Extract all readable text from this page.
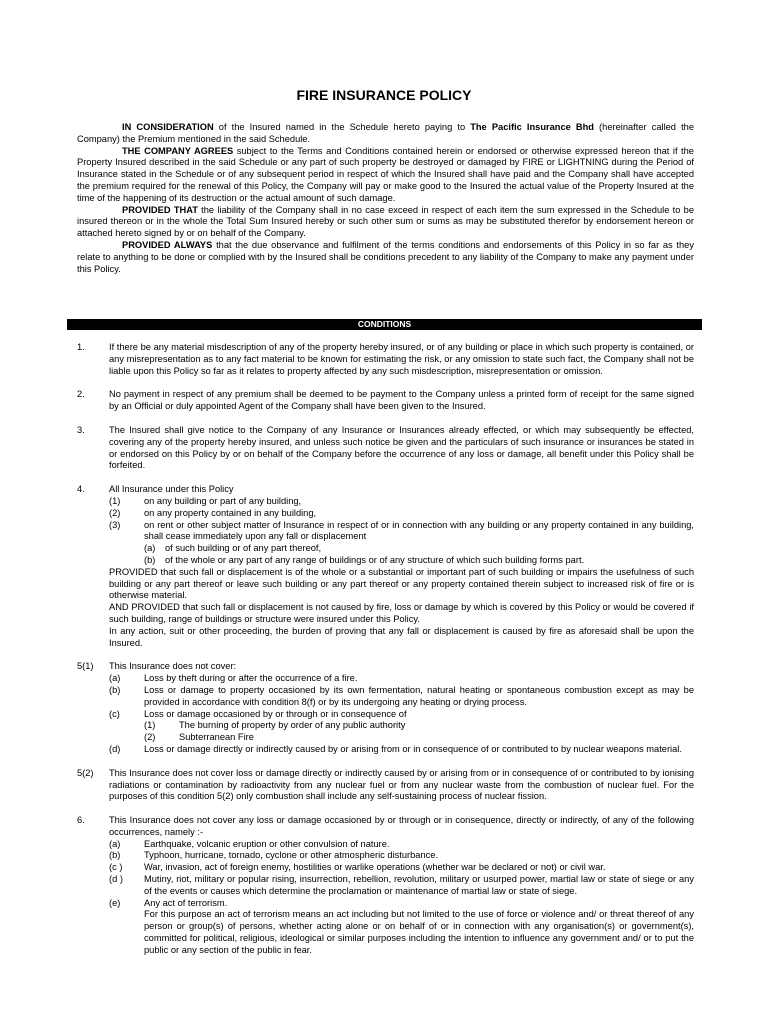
FIRE INSURANCE POLICY

IN CONSIDERATION of the Insured named in the Schedule hereto paying to The Pacific Insurance Bhd (hereinafter called the Company) the Premium mentioned in the said Schedule.

THE COMPANY AGREES subject to the Terms and Conditions contained herein or endorsed or otherwise expressed hereon that if the Property Insured described in the said Schedule or any part of such property be destroyed or damaged by FIRE or LIGHTNING during the Period of Insurance stated in the Schedule or of any subsequent period in respect of which the Insured shall have paid and the Company shall have accepted the premium required for the renewal of this Policy, the Company will pay or make good to the Insured the actual value of the Property Insured at the time of the happening of its destruction or the actual amount of such damage.

PROVIDED THAT the liability of the Company shall in no case exceed in respect of each item the sum expressed in the Schedule to be insured thereon or in the whole the Total Sum Insured hereby or such other sum or sums as may be substituted therefor by endorsement hereon or attached hereto signed by or on behalf of the Company.

PROVIDED ALWAYS that the due observance and fulfilment of the terms conditions and endorsements of this Policy in so far as they relate to anything to be done or complied with by the Insured shall be conditions precedent to any liability of the Company to make any payment under this Policy.

CONDITIONS
1.	If there be any material misdescription of any of the property hereby insured, or of any building or place in which such property is contained, or any misrepresentation as to any fact material to be known for estimating the risk, or any omission to state such fact, the Company shall not be liable upon this Policy so far as it relates to property affected by any such misdescription, misrepresentation or omission.

2.	No payment in respect of any premium shall be deemed to be payment to the Company unless a printed form of receipt for the same signed by an Official or duly appointed Agent of the Company shall have been given to the Insured.

3.	The Insured shall give notice to the Company of any Insurance or Insurances already effected, or which may subsequently be effected, covering any of the property hereby insured, and unless such notice be given and the particulars of such insurance or insurances be stated in or endorsed on this Policy by or on behalf of the Company before the occurrence of any loss or damage, all benefit under this Policy shall be forfeited.

4.	All Insurance under this Policy

(1)	on any building or part of any building,
(2)	on any property contained in any building,
(3)	on rent or other subject matter of Insurance in respect of or in connection with any building or any property contained in any building, shall cease immediately upon any fall or displacement
(a) of such building or of any part thereof,
(b) of the whole or any part of any range of buildings or of any structure of which such building forms part.

PROVIDED that such fall or displacement is of the whole or a substantial or important part of such building or impairs the usefulness of such building or any part thereof or leave such building or any part thereof or any property contained therein subject to increased risk of fire or is otherwise material.

AND PROVIDED that such fall or displacement is not caused by fire, loss or damage by which is covered by this Policy or would be covered if such building, range of buildings or structure were insured under this Policy.

In any action, suit or other proceeding, the burden of proving that any fall or displacement is caused by fire as aforesaid shall be upon the Insured.

5(1) This Insurance does not cover:

(a)	Loss by theft during or after the occurrence of a fire.
(b)	Loss or damage to property occasioned by its own fermentation, natural heating or spontaneous combustion except as may be provided in accordance with condition 8(f) or by its undergoing any heating or drying process.
(c)	Loss or damage occasioned by or through or in consequence of
(1)	The burning of property by order of any public authority
(2)	Subterranean Fire
(d)	Loss or damage directly or indirectly caused by or arising from or in consequence of or contributed to by nuclear weapons material.
5(2) This Insurance does not cover loss or damage directly or indirectly caused by or arising from or in consequence of or contributed to by ionising radiations or contamination by radioactivity from any nuclear fuel or from any nuclear waste from the combustion of nuclear fuel. For the purposes of this condition 5(2) only combustion shall include any self-sustaining process of nuclear fission.

6.	This Insurance does not cover any loss or damage occasioned by or through or in consequence, directly or indirectly, of any of the following occurrences, namely :-

(a)	Earthquake, volcanic eruption or other convulsion of nature.
(b)	Typhoon, hurricane, tornado, cyclone or other atmospheric disturbance.
(c ) War, invasion, act of foreign enemy, hostilities or warlike operations (whether war be declared or not) or civil war.
(d ) Mutiny, riot, military or popular rising, insurrection, rebellion, revolution, military or usurped power, martial law or state of siege or any of the events or causes which determine the proclamation or maintenance of martial law or state of siege.
(e)	Any act of terrorism.
For this purpose an act of terrorism means an act including but not limited to the use of force or violence and/ or threat thereof of any person or group(s) of persons, whether acting alone or on behalf of or in connection with any organisation(s) or government(s), committed for political, religious, ideological or similar purposes including the intention to influence any government and/ or to put the public or any section of the public in fear.
